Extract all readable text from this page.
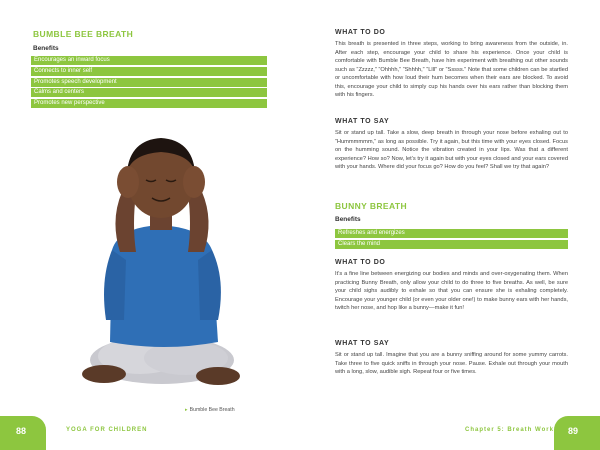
BUMBLE BEE BREATH
Benefits
Encourages an inward focus
Connects to inner self
Promotes speech development
Calms and centers
Promotes new perspective
▸ Bumble Bee Breath
88	YOGA FOR CHILDREN
WHAT TO DO

This breath is presented in three steps, working to bring awareness from the outside, in. After each step, encourage your child to share his experience. Once your child is comfortable with Bumble Bee Breath, have him experiment with breathing out other sounds such as “Zzzzz,” “Ohhhh,” “Shhhh,” “Llll” or “Sssss.” Note that some children can be startled or uncomfortable with how loud their hum becomes when their ears are blocked. To avoid this, encourage your child to simply cup his hands over his ears rather than blocking them with his fingers.

WHAT TO SAY

Sit or stand up tall. Take a slow, deep breath in through your nose before exhaling out to “Hummmmmm,” as long as possible. Try it again, but this time with your eyes closed. Focus on the humming sound. Notice the vibration created in your lips. Was that a different experience? How so? Now, let’s try it again but with your eyes closed and your ears covered with your hands. Where did your focus go? How do you feel? Shall we try that again?

BUNNY BREATH
Benefits
Refreshes and energizes
Clears the mind
WHAT TO DO

It’s a fine line between energizing our bodies and minds and over-oxygenating them. When practicing Bunny Breath, only allow your child to do three to five breaths. As well, be sure your child sighs audibly to exhale so that you can ensure she is exhaling completely. Encourage your younger child (or even your older one!) to make bunny ears with her hands, twitch her nose, and hop like a bunny—make it fun!

WHAT TO SAY

Sit or stand up tall. Imagine that you are a bunny sniffing around for some yummy carrots. Take three to five quick sniffs in through your nose. Pause. Exhale out through your mouth with a long, slow, audible sigh. Repeat four or five times.

Chapter 5: Breath Work 89
